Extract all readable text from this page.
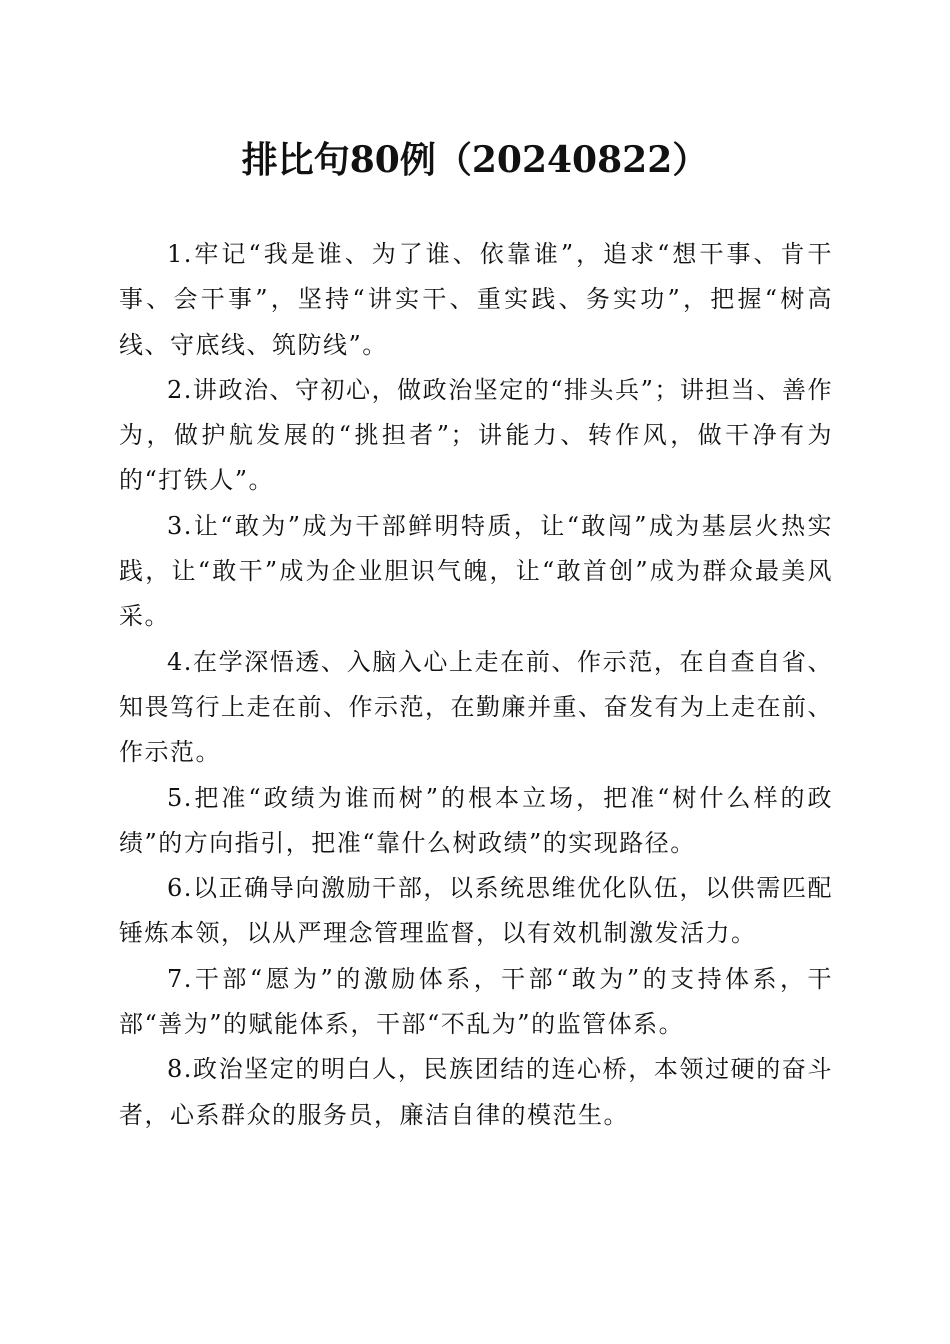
排比句80例（20240822）

1.牢记“我是谁、为了谁、依靠谁”，追求“想干事、肯干事、会干事”，坚持“讲实干、重实践、务实功”，把握“树高线、守底线、筑防线”。

2.讲政治、守初心，做政治坚定的“排头兵”；讲担当、善作为，做护航发展的“挑担者”；讲能力、转作风，做干净有为的“打铁人”。

3.让“敢为”成为干部鲜明特质，让“敢闯”成为基层火热实践，让“敢干”成为企业胆识气魄，让“敢首创”成为群众最美风采。

4.在学深悟透、入脑入心上走在前、作示范，在自查自省、知畏笃行上走在前、作示范，在勤廉并重、奋发有为上走在前、作示范。

5.把准“政绩为谁而树”的根本立场，把准“树什么样的政绩”的方向指引，把准“靠什么树政绩”的实现路径。

6.以正确导向激励干部，以系统思维优化队伍，以供需匹配锤炼本领，以从严理念管理监督，以有效机制激发活力。

7.干部“愿为”的激励体系，干部“敢为”的支持体系，干部“善为”的赋能体系，干部“不乱为”的监管体系。

8.政治坚定的明白人，民族团结的连心桥，本领过硬的奋斗者，心系群众的服务员，廉洁自律的模范生。
